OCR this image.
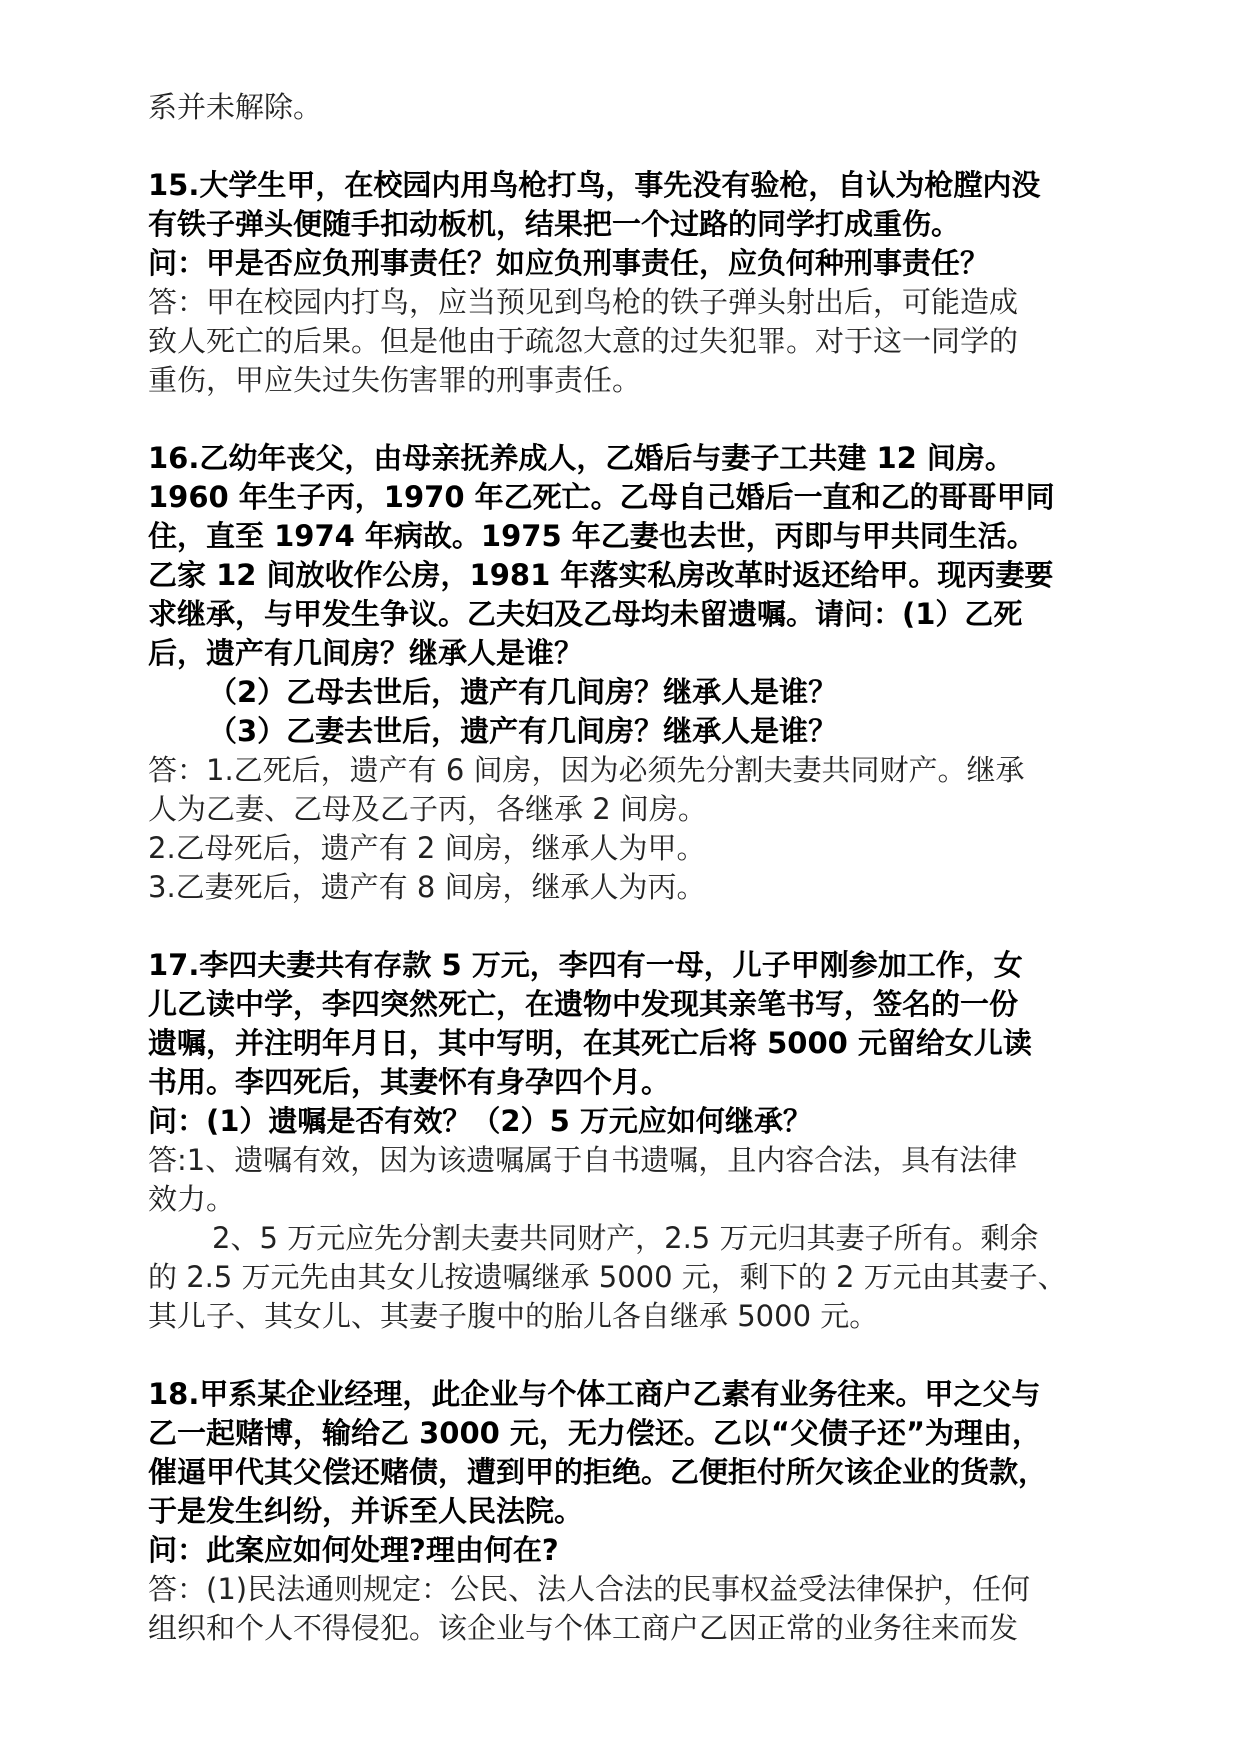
系并未解除。
15.大学生甲，在校园内用鸟枪打鸟，事先没有验枪，自认为枪膛内没
有铁子弹头便随手扣动板机，结果把一个过路的同学打成重伤。
问：甲是否应负刑事责任？如应负刑事责任，应负何种刑事责任？
答：甲在校园内打鸟，应当预见到鸟枪的铁子弹头射出后，可能造成
致人死亡的后果。但是他由于疏忽大意的过失犯罪。对于这一同学的
重伤，甲应失过失伤害罪的刑事责任。
16.乙幼年丧父，由母亲抚养成人，乙婚后与妻子工共建 12 间房。
1960 年生子丙，1970 年乙死亡。乙母自己婚后一直和乙的哥哥甲同
住，直至 1974 年病故。1975 年乙妻也去世，丙即与甲共同生活。
乙家 12 间放收作公房，1981 年落实私房改革时返还给甲。现丙妻要
求继承，与甲发生争议。乙夫妇及乙母均未留遗嘱。请问：(1）乙死
后，遗产有几间房？继承人是谁？
（2）乙母去世后，遗产有几间房？继承人是谁？
（3）乙妻去世后，遗产有几间房？继承人是谁？
答：1.乙死后，遗产有 6 间房，因为必须先分割夫妻共同财产。继承
人为乙妻、乙母及乙子丙，各继承 2 间房。
2.乙母死后，遗产有 2 间房，继承人为甲。
3.乙妻死后，遗产有 8 间房，继承人为丙。
17.李四夫妻共有存款 5 万元，李四有一母，儿子甲刚参加工作，女
儿乙读中学，李四突然死亡，在遗物中发现其亲笔书写，签名的一份
遗嘱，并注明年月日，其中写明，在其死亡后将 5000 元留给女儿读
书用。李四死后，其妻怀有身孕四个月。
问：(1）遗嘱是否有效？（2）5 万元应如何继承？
答:1、遗嘱有效，因为该遗嘱属于自书遗嘱，且内容合法，具有法律
效力。
2、5 万元应先分割夫妻共同财产，2.5 万元归其妻子所有。剩余
的 2.5 万元先由其女儿按遗嘱继承 5000 元，剩下的 2 万元由其妻子、
其儿子、其女儿、其妻子腹中的胎儿各自继承 5000 元。
18.甲系某企业经理，此企业与个体工商户乙素有业务往来。甲之父与
乙一起赌博，输给乙 3000 元，无力偿还。乙以“父债子还”为理由，
催逼甲代其父偿还赌债，遭到甲的拒绝。乙便拒付所欠该企业的货款，
于是发生纠纷，并诉至人民法院。
问：此案应如何处理?理由何在?
答：(1)民法通则规定：公民、法人合法的民事权益受法律保护，任何
组织和个人不得侵犯。该企业与个体工商户乙因正常的业务往来而发
